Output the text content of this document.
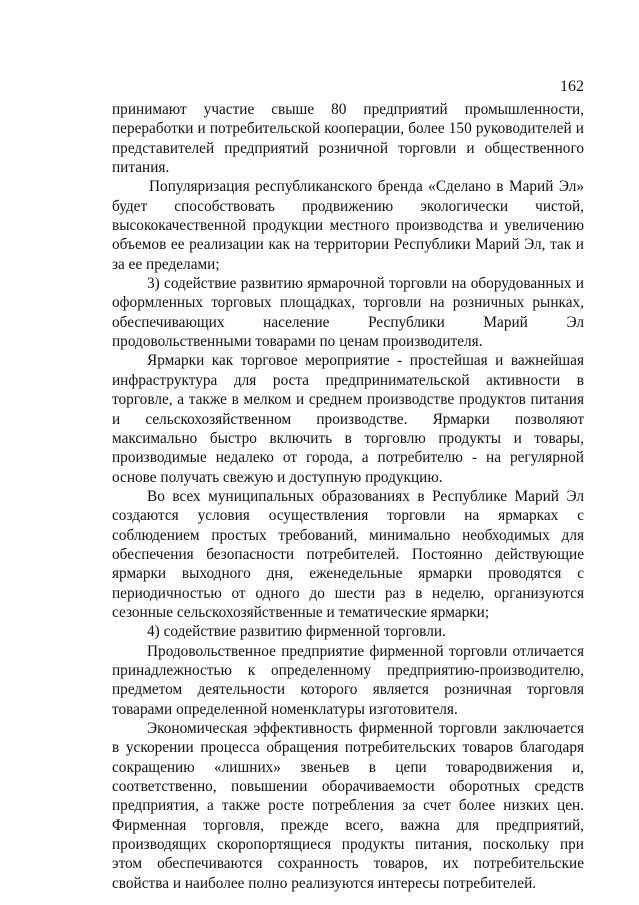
162

принимают участие свыше 80 предприятий промышленности, переработки и потребительской кооперации, более 150 руководителей и представителей предприятий розничной торговли и общественного питания.

Популяризация республиканского бренда «Сделано в Марий Эл» будет способствовать продвижению экологически чистой, высококачественной продукции местного производства и увеличению объемов ее реализации как на территории Республики Марий Эл, так и за ее пределами;

3) содействие развитию ярмарочной торговли на оборудованных и оформленных торговых площадках, торговли на розничных рынках, обеспечивающих население Республики Марий Эл продовольственными товарами по ценам производителя.

Ярмарки как торговое мероприятие - простейшая и важнейшая инфраструктура для роста предпринимательской активности в торговле, а также в мелком и среднем производстве продуктов питания и сельскохозяйственном производстве. Ярмарки позволяют максимально быстро включить в торговлю продукты и товары, производимые недалеко от города, а потребителю - на регулярной основе получать свежую и доступную продукцию.

Во всех муниципальных образованиях в Республике Марий Эл создаются условия осуществления торговли на ярмарках с соблюдением простых требований, минимально необходимых для обеспечения безопасности потребителей. Постоянно действующие ярмарки выходного дня, еженедельные ярмарки проводятся с периодичностью от одного до шести раз в неделю, организуются сезонные сельскохозяйственные и тематические ярмарки;

4) содействие развитию фирменной торговли.

Продовольственное предприятие фирменной торговли отличается принадлежностью к определенному предприятию-производителю, предметом деятельности которого является розничная торговля товарами определенной номенклатуры изготовителя.

Экономическая эффективность фирменной торговли заключается в ускорении процесса обращения потребительских товаров благодаря сокращению «лишних» звеньев в цепи товародвижения и, соответственно, повышении оборачиваемости оборотных средств предприятия, а также росте потребления за счет более низких цен. Фирменная торговля, прежде всего, важна для предприятий, производящих скоропортящиеся продукты питания, поскольку при этом обеспечиваются сохранность товаров, их потребительские свойства и наиболее полно реализуются интересы потребителей.
